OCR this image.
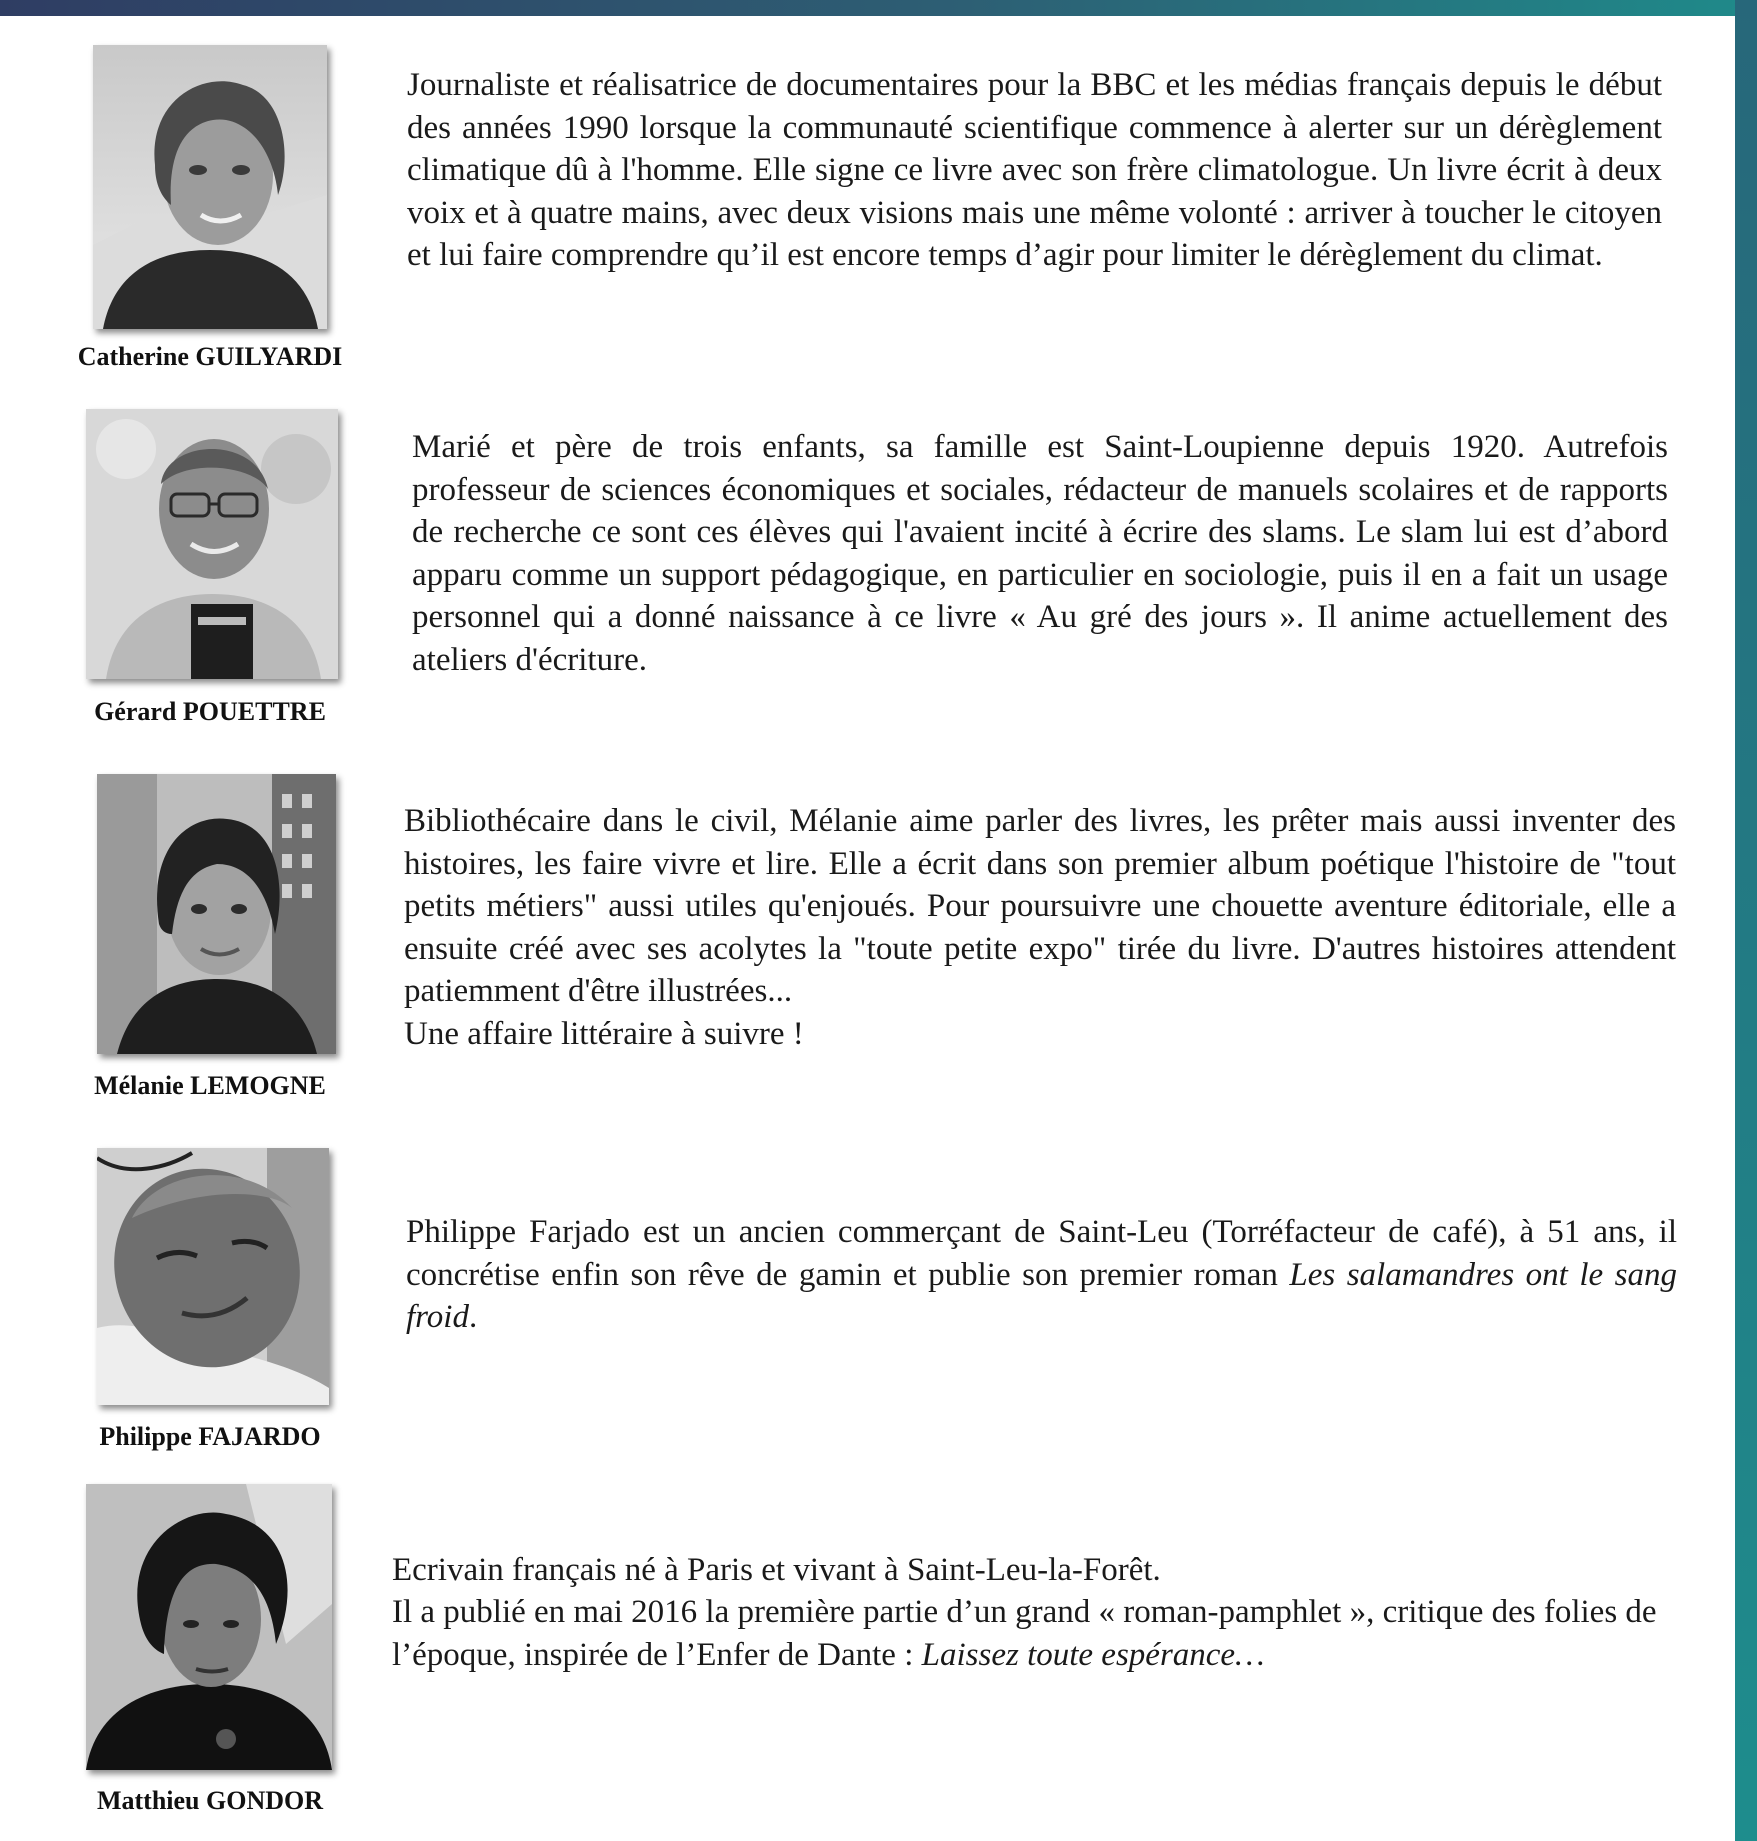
Catherine GUILYARDI

Journaliste et réalisatrice de documentaires pour la BBC et les médias français depuis le début des années 1990 lorsque la communauté scientifique commence à alerter sur un dérèglement climatique dû à l'homme. Elle signe ce livre avec son frère climatologue. Un livre écrit à deux voix et à quatre mains, avec deux visions mais une même volonté : arriver à toucher le citoyen et lui faire comprendre qu’il est encore temps d’agir pour limiter le dérèglement du climat.

Gérard POUETTRE

Marié et père de trois enfants, sa famille est Saint-Loupienne depuis 1920. Autrefois professeur de sciences économiques et sociales, rédacteur de manuels scolaires et de rapports de recherche ce sont ces élèves qui l'avaient incité à écrire des slams. Le slam lui est d’abord apparu comme un support pédagogique, en particulier en sociologie, puis il en a fait un usage personnel qui a donné naissance à ce livre « Au gré des jours ». Il anime actuellement des ateliers d'écriture.

Mélanie LEMOGNE

Bibliothécaire dans le civil, Mélanie aime parler des livres, les prêter mais aussi inventer des histoires, les faire vivre et lire. Elle a écrit dans son premier album poétique l'histoire de "tout petits métiers" aussi utiles qu'enjoués. Pour poursuivre une chouette aventure éditoriale, elle a ensuite créé avec ses acolytes la "toute petite expo" tirée du livre. D'autres histoires attendent patiemment d'être illustrées...

Une affaire littéraire à suivre !

Philippe FAJARDO

Philippe Farjado est un ancien commerçant de Saint-Leu (Torréfacteur de café), à 51 ans, il concrétise enfin son rêve de gamin et publie son premier roman Les salamandres ont le sang froid.

Matthieu GONDOR

Ecrivain français né à Paris et vivant à Saint-Leu-la-Forêt.

Il a publié en mai 2016 la première partie d’un grand « roman-pamphlet », critique des folies de l’époque, inspirée de l’Enfer de Dante : Laissez toute espérance…
